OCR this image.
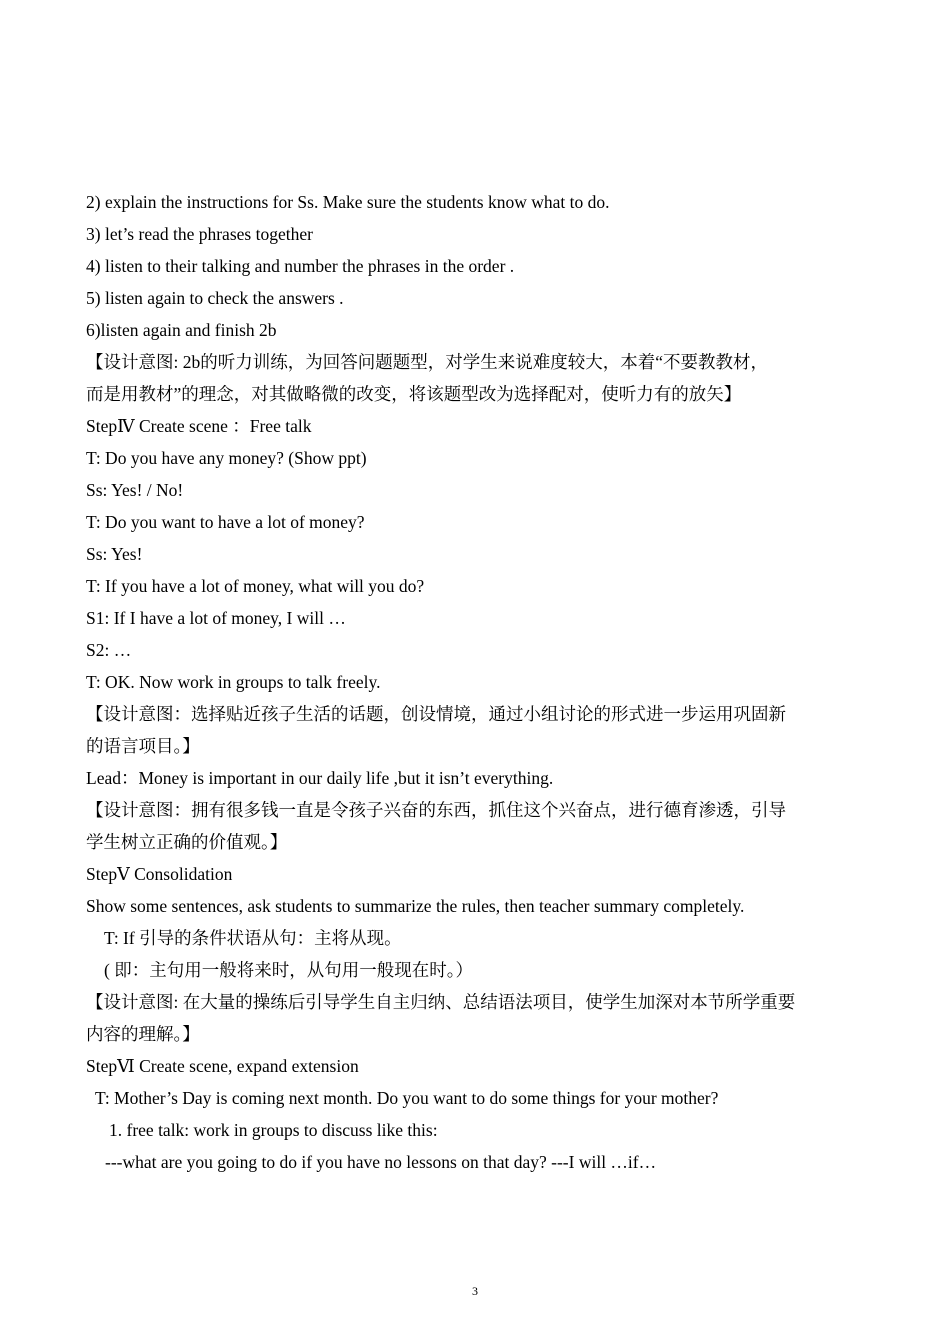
2) explain the instructions for Ss. Make sure the students know what to do.
3) let’s read the phrases together
4) listen to their talking and number the phrases in the order .
5) listen again to check the answers .
6)listen again and finish 2b
【设计意图: 2b的听力训练，为回答问题题型，对学生来说难度较大，本着“不要教教材，
而是用教材”的理念，对其做略微的改变，将该题型改为选择配对，使听力有的放矢】
StepⅣ Create scene ：Free talk
T: Do you have any money? (Show ppt)
Ss: Yes! / No!
T: Do you want to have a lot of money?
Ss: Yes!
T: If you have a lot of money, what will you do?
S1: If I have a lot of money, I will …
S2: …
T: OK. Now work in groups to talk freely.
【设计意图：选择贴近孩子生活的话题，创设情境，通过小组讨论的形式进一步运用巩固新
的语言项目。】
Lead：Money is important in our daily life ,but it isn’t everything.
【设计意图：拥有很多钱一直是令孩子兴奋的东西，抓住这个兴奋点，进行德育渗透，引导
学生树立正确的价值观。】
StepⅤ Consolidation
Show some sentences, ask students to summarize the rules, then teacher summary completely.
T: If 引导的条件状语从句：主将从现。
( 即：主句用一般将来时，从句用一般现在时。）
【设计意图: 在大量的操练后引导学生自主归纳、总结语法项目，使学生加深对本节所学重要
内容的理解。】
StepⅥ Create scene, expand extension
T: Mother’s Day is coming next month. Do you want to do some things for your mother?
1. free talk: work in groups to discuss like this:
---what are you going to do if you have no lessons on that day? ---I will …if…
3
